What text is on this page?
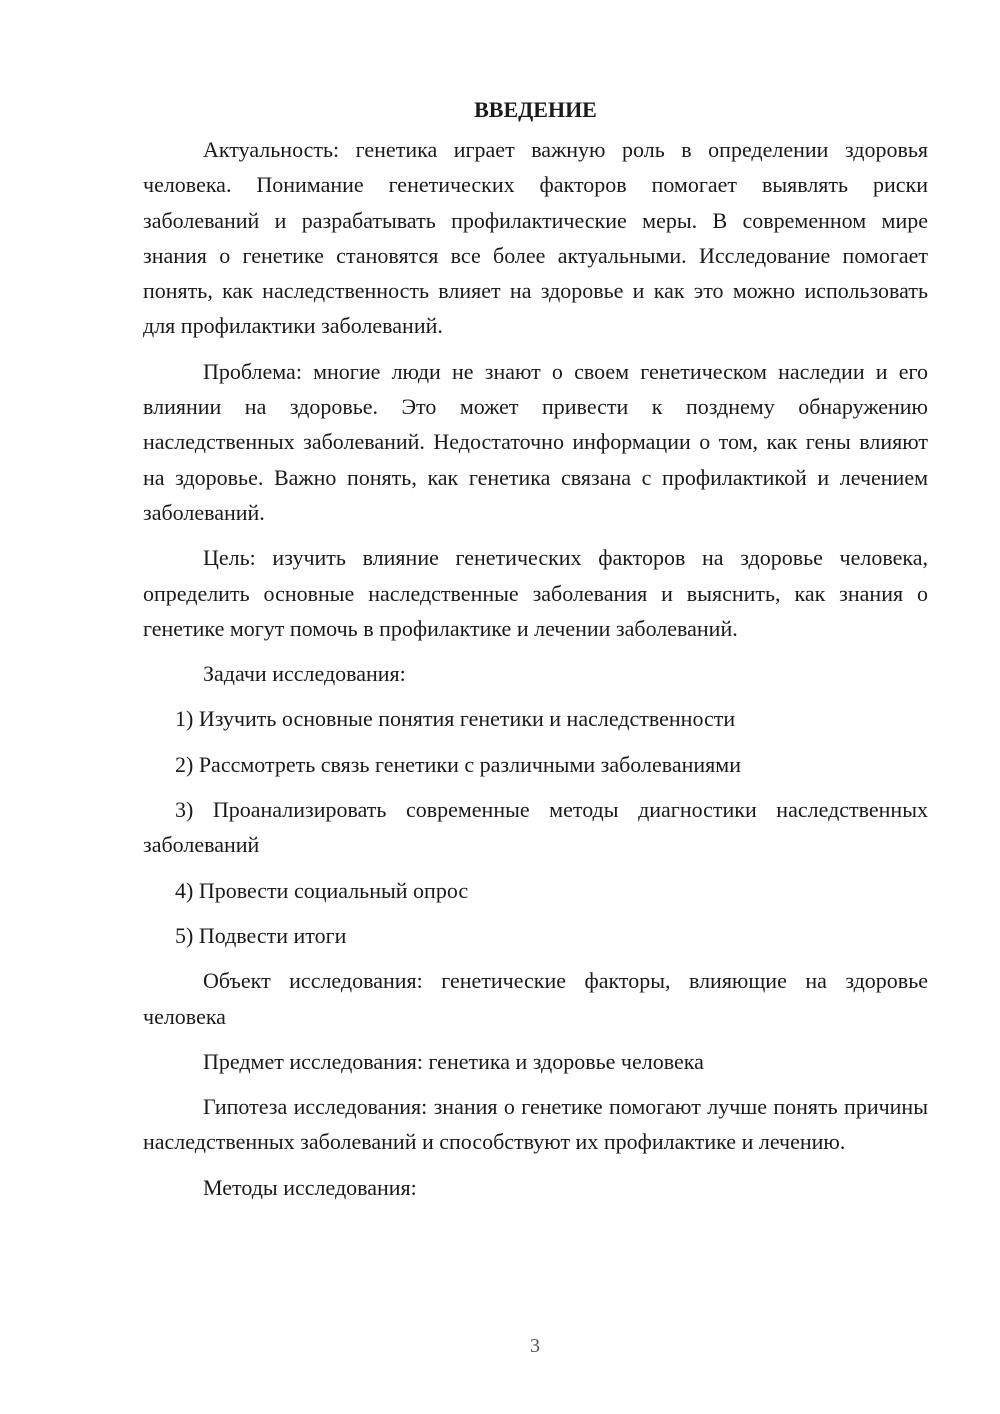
ВВЕДЕНИЕ

Актуальность: генетика играет важную роль в определении здоровья человека. Понимание генетических факторов помогает выявлять риски заболеваний и разрабатывать профилактические меры. В современном мире знания о генетике становятся все более актуальными. Исследование помогает понять, как наследственность влияет на здоровье и как это можно использовать для профилактики заболеваний.

Проблема: многие люди не знают о своем генетическом наследии и его влиянии на здоровье. Это может привести к позднему обнаружению наследственных заболеваний. Недостаточно информации о том, как гены влияют на здоровье. Важно понять, как генетика связана с профилактикой и лечением заболеваний.

Цель: изучить влияние генетических факторов на здоровье человека, определить основные наследственные заболевания и выяснить, как знания о генетике могут помочь в профилактике и лечении заболеваний.

Задачи исследования:

1) Изучить основные понятия генетики и наследственности

2) Рассмотреть связь генетики с различными заболеваниями

3) Проанализировать современные методы диагностики наследственных заболеваний

4) Провести социальный опрос

5) Подвести итоги

Объект исследования: генетические факторы, влияющие на здоровье человека

Предмет исследования: генетика и здоровье человека

Гипотеза исследования: знания о генетике помогают лучше понять причины наследственных заболеваний и способствуют их профилактике и лечению.

Методы исследования:

3
